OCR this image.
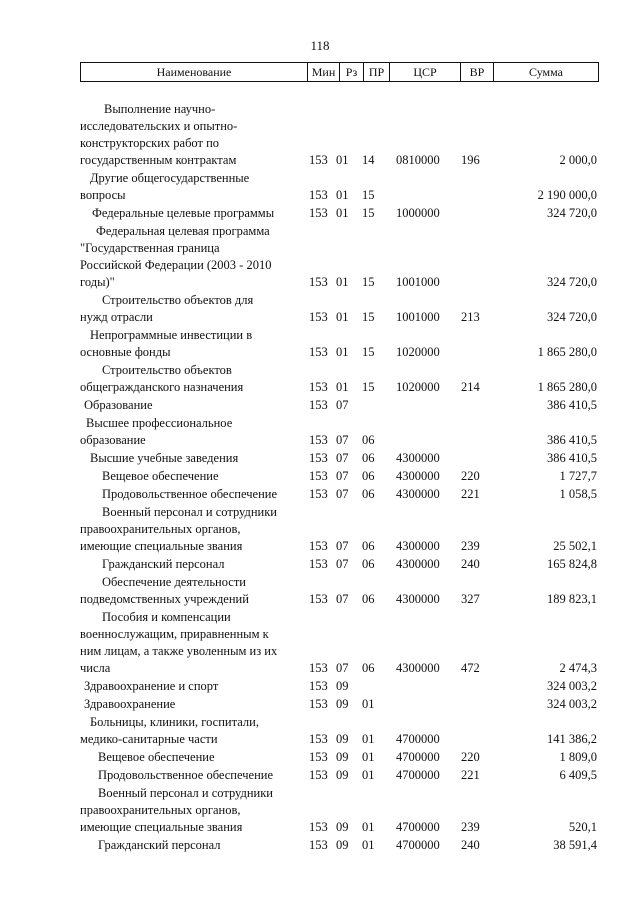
118
Наименование	Мин Рз ПР	ЦСР	ВР	Сумма
Выполнение научно-
исследовательских и опытно-
конструкторских работ по
государственным контрактам	153 01 14 0810000 196	2 000,0
Другие общегосударственные
вопросы	153 01 15	2 190 000,0
Федеральные целевые программы	153 01 15 1000000	324 720,0
Федеральная целевая программа
"Государственная граница
Российской Федерации (2003 - 2010
годы)"	153 01 15 1001000	324 720,0
Строительство объектов для
нужд отрасли	153 01 15 1001000 213	324 720,0
Непрограммные инвестиции в
основные фонды	153 01 15 1020000	1 865 280,0
Строительство объектов
общегражданского назначения	153 01 15 1020000 214	1 865 280,0
Образование	153 07	386 410,5
Высшее профессиональное
образование	153 07 06	386 410,5
Высшие учебные заведения	153 07 06 4300000	386 410,5
Вещевое обеспечение	153 07 06 4300000 220	1 727,7
Продовольственное обеспечение	153 07 06 4300000 221	1 058,5
Военный персонал и сотрудники
правоохранительных органов,
имеющие специальные звания	153 07 06 4300000 239	25 502,1
Гражданский персонал	153 07 06 4300000 240	165 824,8
Обеспечение деятельности
подведомственных учреждений	153 07 06 4300000 327	189 823,1
Пособия и компенсации
военнослужащим, приравненным к
ним лицам, а также уволенным из их
числа	153 07 06 4300000 472	2 474,3
Здравоохранение и спорт	153 09	324 003,2
Здравоохранение	153 09 01	324 003,2
Больницы, клиники, госпитали,
медико-санитарные части	153 09 01 4700000	141 386,2
Вещевое обеспечение	153 09 01 4700000 220	1 809,0
Продовольственное обеспечение	153 09 01 4700000 221	6 409,5
Военный персонал и сотрудники
правоохранительных органов,
имеющие специальные звания	153 09 01 4700000 239	520,1
Гражданский персонал	153 09 01 4700000 240	38 591,4
